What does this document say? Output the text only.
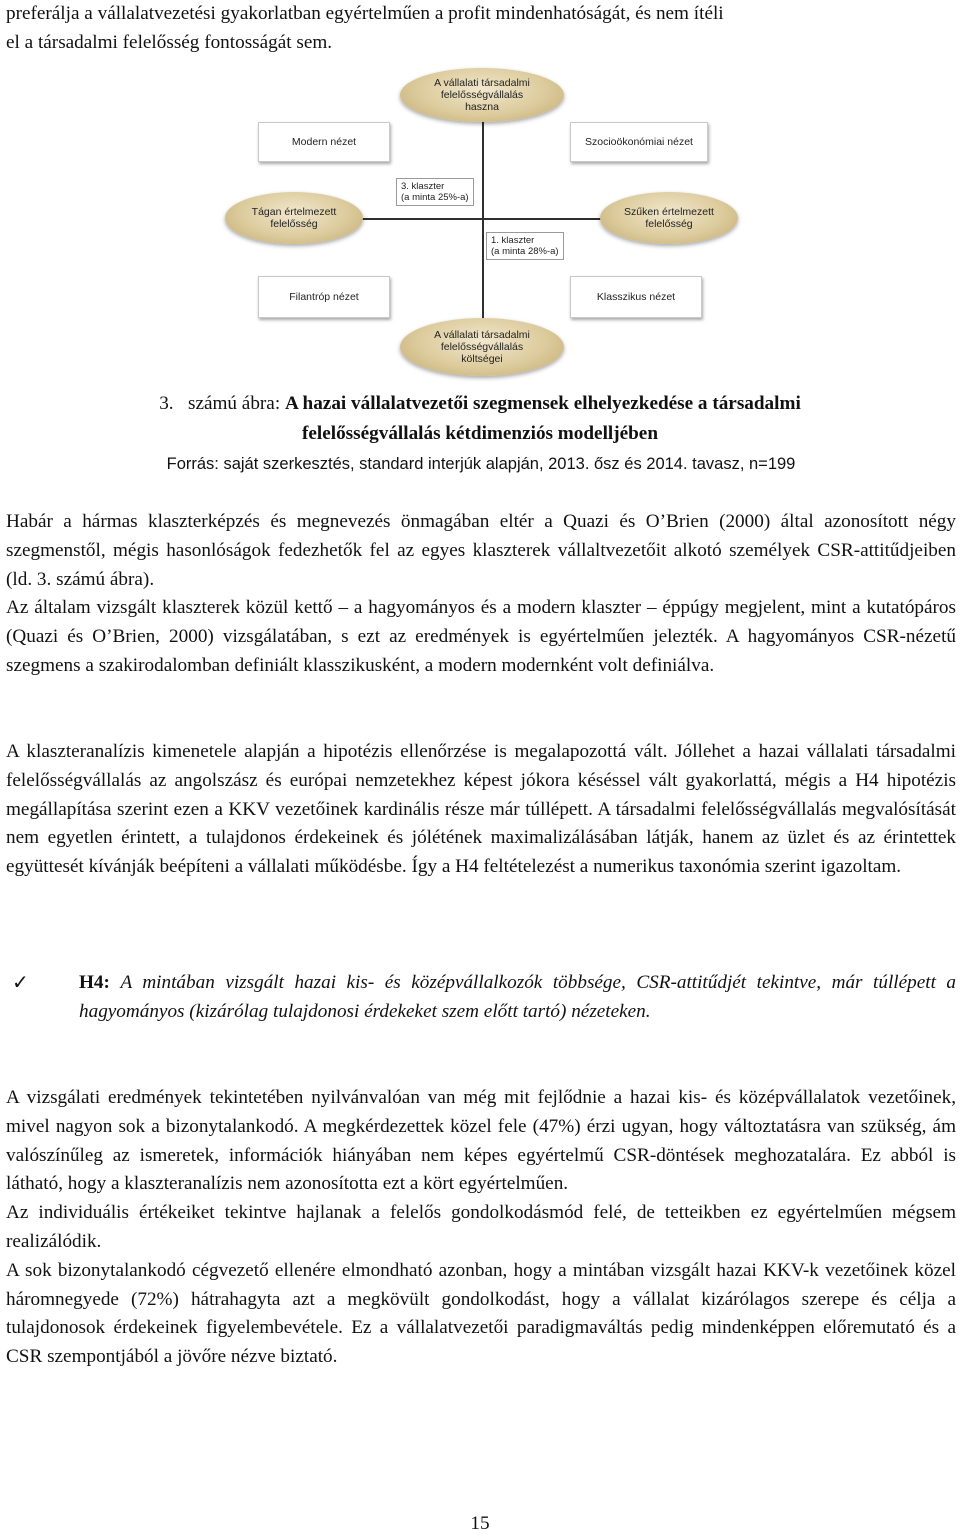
preferálja a vállalatvezetési gyakorlatban egyértelműen a profit mindenhatóságát, és nem ítéli

el a társadalmi felelősség fontosságát sem.

A vállalati társadalmi
felelősségvállalás
haszna
A vállalati társadalmi
felelősségvállalás
költségei
Tágan értelmezett
felelősség
Szűken értelmezett
felelősség
Modern nézet	Szocioökonómiai nézet
Filantróp nézet	Klasszikus nézet
3. klaszter
(a minta 25%-a)
1. klaszter
(a minta 28%-a)
3. számú ábra: A hazai vállalatvezetői szegmensek elhelyezkedése a társadalmi
felelősségvállalás kétdimenziós modelljében
Forrás: saját szerkesztés, standard interjúk alapján, 2013. ősz és 2014. tavasz, n=199

Habár a hármas klaszterképzés és megnevezés önmagában eltér a Quazi és O’Brien (2000) által azonosított négy szegmenstől, mégis hasonlóságok fedezhetők fel az egyes klaszterek vállaltvezetőit alkotó személyek CSR-attitűdjeiben (ld. 3. számú ábra).

Az általam vizsgált klaszterek közül kettő – a hagyományos és a modern klaszter – éppúgy megjelent, mint a kutatópáros (Quazi és O’Brien, 2000) vizsgálatában, s ezt az eredmények is egyértelműen jelezték. A hagyományos CSR-nézetű szegmens a szakirodalomban definiált klasszikusként, a modern modernként volt definiálva.

A klaszteranalízis kimenetele alapján a hipotézis ellenőrzése is megalapozottá vált. Jóllehet a hazai vállalati társadalmi felelősségvállalás az angolszász és európai nemzetekhez képest jókora késéssel vált gyakorlattá, mégis a H4 hipotézis megállapítása szerint ezen a KKV vezetőinek kardinális része már túllépett. A társadalmi felelősségvállalás megvalósítását nem egyetlen érintett, a tulajdonos érdekeinek és jólétének maximalizálásában látják, hanem az üzlet és az érintettek együttesét kívánják beépíteni a vállalati működésbe. Így a H4 feltételezést a numerikus taxonómia szerint igazoltam.

✓	H4: A mintában vizsgált hazai kis- és középvállalkozók többsége, CSR-attitűdjét tekintve, már túllépett a hagyományos (kizárólag tulajdonosi érdekeket szem előtt tartó) nézeteken.

A vizsgálati eredmények tekintetében nyilvánvalóan van még mit fejlődnie a hazai kis- és középvállalatok vezetőinek, mivel nagyon sok a bizonytalankodó. A megkérdezettek közel fele (47%) érzi ugyan, hogy változtatásra van szükség, ám valószínűleg az ismeretek, információk hiányában nem képes egyértelmű CSR-döntések meghozatalára. Ez abból is látható, hogy a klaszteranalízis nem azonosította ezt a kört egyértelműen.

Az individuális értékeiket tekintve hajlanak a felelős gondolkodásmód felé, de tetteikben ez egyértelműen mégsem realizálódik.

A sok bizonytalankodó cégvezető ellenére elmondható azonban, hogy a mintában vizsgált hazai KKV-k vezetőinek közel háromnegyede (72%) hátrahagyta azt a megkövült gondolkodást, hogy a vállalat kizárólagos szerepe és célja a tulajdonosok érdekeinek figyelembevétele. Ez a vállalatvezetői paradigmaváltás pedig mindenképpen előremutató és a CSR szempontjából a jövőre nézve biztató.

15
